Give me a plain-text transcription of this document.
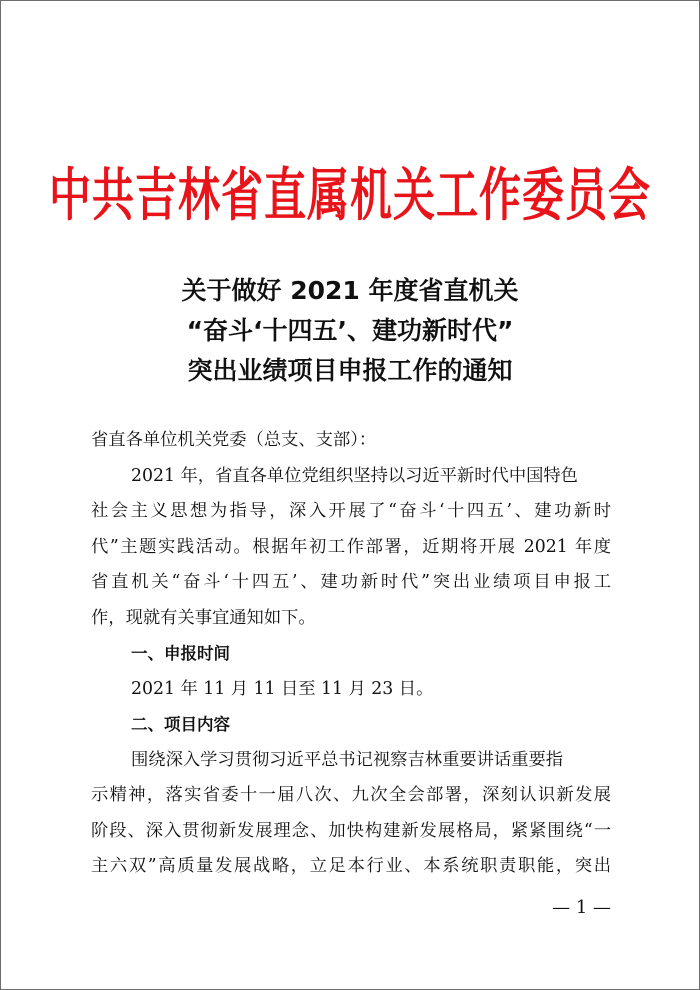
中共吉林省直属机关工作委员会
关于做好 2021 年度省直机关
“奋斗‘十四五’、建功新时代”
突出业绩项目申报工作的通知
省直各单位机关党委（总支、支部）：
2021 年，省直各单位党组织坚持以习近平新时代中国特色
社会主义思想为指导，深入开展了“奋斗‘十四五’、建功新时
代”主题实践活动。根据年初工作部署，近期将开展 2021 年度
省直机关“奋斗‘十四五’、建功新时代”突出业绩项目申报工
作，现就有关事宜通知如下。
一、申报时间
2021 年 11 月 11 日至 11 月 23 日。
二、项目内容
围绕深入学习贯彻习近平总书记视察吉林重要讲话重要指
示精神，落实省委十一届八次、九次全会部署，深刻认识新发展
阶段、深入贯彻新发展理念、加快构建新发展格局，紧紧围绕“一
主六双”高质量发展战略，立足本行业、本系统职责职能，突出
— 1 —
